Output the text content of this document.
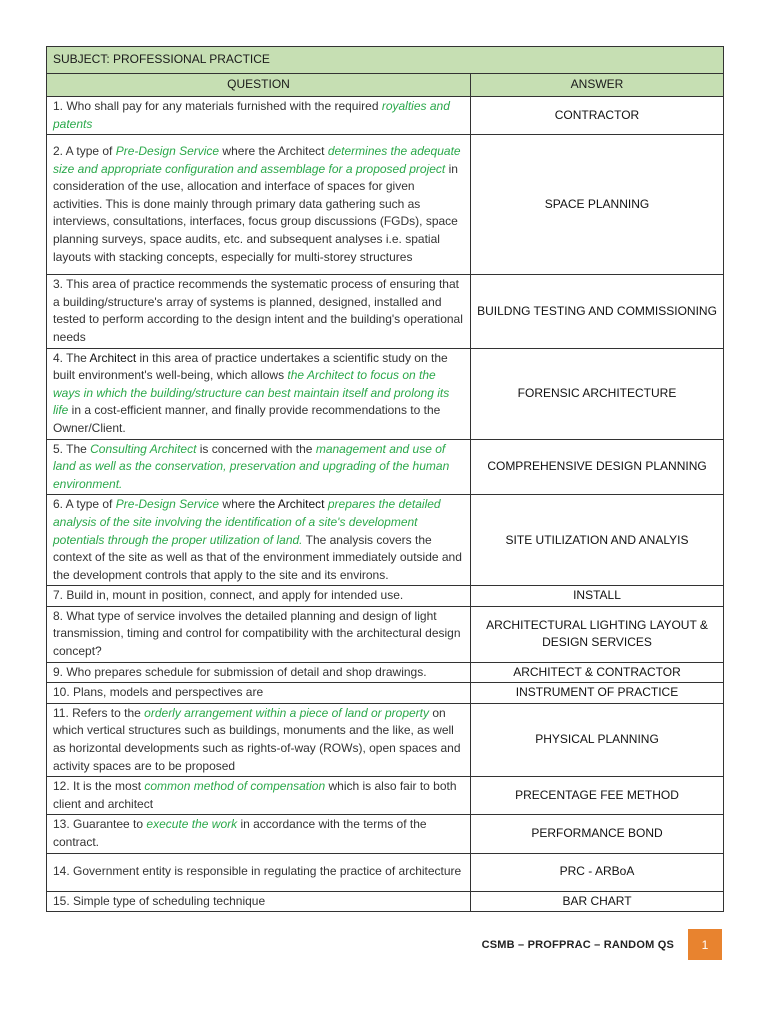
SUBJECT: PROFESSIONAL PRACTICE	
QUESTION	ANSWER
1. Who shall pay for any materials furnished with the required royalties and patents	CONTRACTOR
2. A type of Pre-Design Service where the Architect determines the adequate size and appropriate configuration and assemblage for a proposed project in consideration of the use, allocation and interface of spaces for given activities. This is done mainly through primary data gathering such as interviews, consultations, interfaces, focus group discussions (FGDs), space planning surveys, space audits, etc. and subsequent analyses i.e. spatial layouts with stacking concepts, especially for multi-storey structures	SPACE PLANNING
3. This area of practice recommends the systematic process of ensuring that a building/structure's array of systems is planned, designed, installed and tested to perform according to the design intent and the building's operational needs	BUILDNG TESTING AND COMMISSIONING
4. The Architect in this area of practice undertakes a scientific study on the built environment's well-being, which allows the Architect to focus on the ways in which the building/structure can best maintain itself and prolong its life in a cost-efficient manner, and finally provide recommendations to the Owner/Client.	FORENSIC ARCHITECTURE
5. The Consulting Architect is concerned with the management and use of land as well as the conservation, preservation and upgrading of the human environment.	COMPREHENSIVE DESIGN PLANNING
6. A type of Pre-Design Service where the Architect prepares the detailed analysis of the site involving the identification of a site's development potentials through the proper utilization of land. The analysis covers the context of the site as well as that of the environment immediately outside and the development controls that apply to the site and its environs.	SITE UTILIZATION AND ANALYIS
7. Build in, mount in position, connect, and apply for intended use.	INSTALL
8. What type of service involves the detailed planning and design of light transmission, timing and control for compatibility with the architectural design concept?	ARCHITECTURAL LIGHTING LAYOUT & DESIGN SERVICES
9. Who prepares schedule for submission of detail and shop drawings.	ARCHITECT & CONTRACTOR
10. Plans, models and perspectives are	INSTRUMENT OF PRACTICE
11. Refers to the orderly arrangement within a piece of land or property on which vertical structures such as buildings, monuments and the like, as well as horizontal developments such as rights-of-way (ROWs), open spaces and activity spaces are to be proposed	PHYSICAL PLANNING
12. It is the most common method of compensation which is also fair to both client and architect	PRECENTAGE FEE METHOD
13. Guarantee to execute the work in accordance with the terms of the contract.	PERFORMANCE BOND
14. Government entity is responsible in regulating the practice of architecture	PRC - ARBoA
15. Simple type of scheduling technique	BAR CHART
CSMB – PROFPRAC – RANDOM QS	1
